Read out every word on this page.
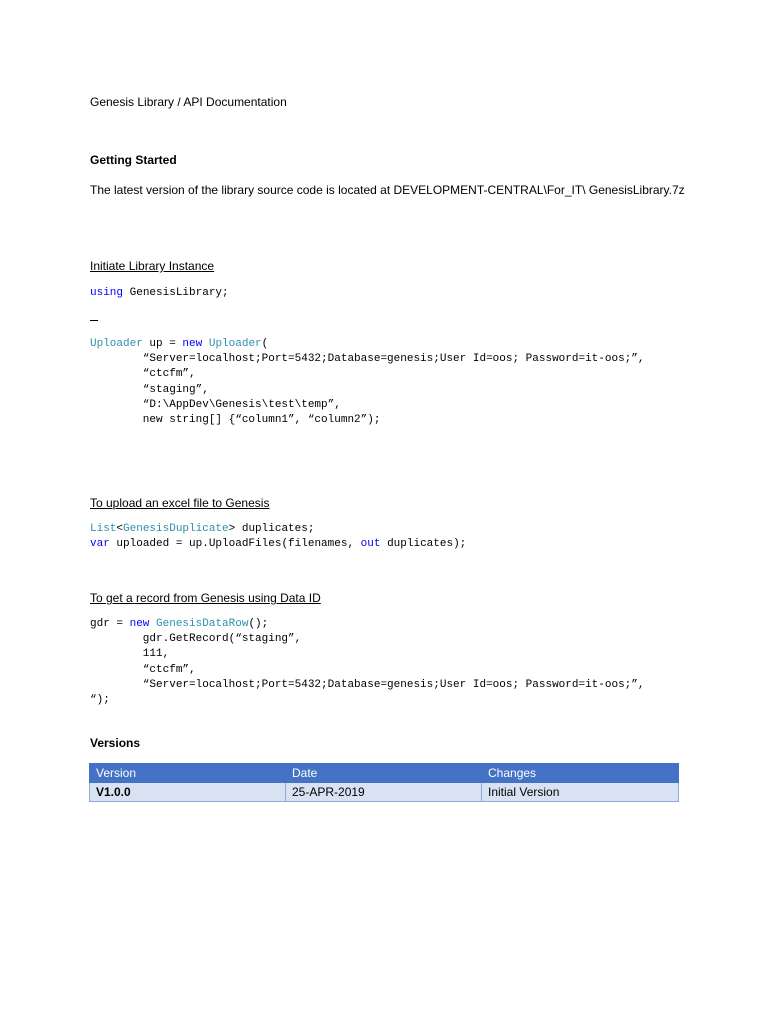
Genesis Library / API Documentation
Getting Started
The latest version of the library source code is located at DEVELOPMENT-CENTRAL\For_IT\ GenesisLibrary.7z
Initiate Library Instance
using GenesisLibrary;
Uploader up = new Uploader(
“Server=localhost;Port=5432;Database=genesis;User Id=oos; Password=it-oos;”,
“ctcfm”,
“staging”,
“D:\AppDev\Genesis\test\temp”,
new string[] {“column1”, “column2”);
To upload an excel file to Genesis
List<GenesisDuplicate> duplicates;
var uploaded = up.UploadFiles(filenames, out duplicates);
To get a record from Genesis using Data ID
gdr = new GenesisDataRow();
gdr.GetRecord(“staging”,
111,
“ctcfm”,
“Server=localhost;Port=5432;Database=genesis;User Id=oos; Password=it-oos;”,
“);
Versions
Version	Date	Changes
V1.0.0	25-APR-2019	Initial Version
